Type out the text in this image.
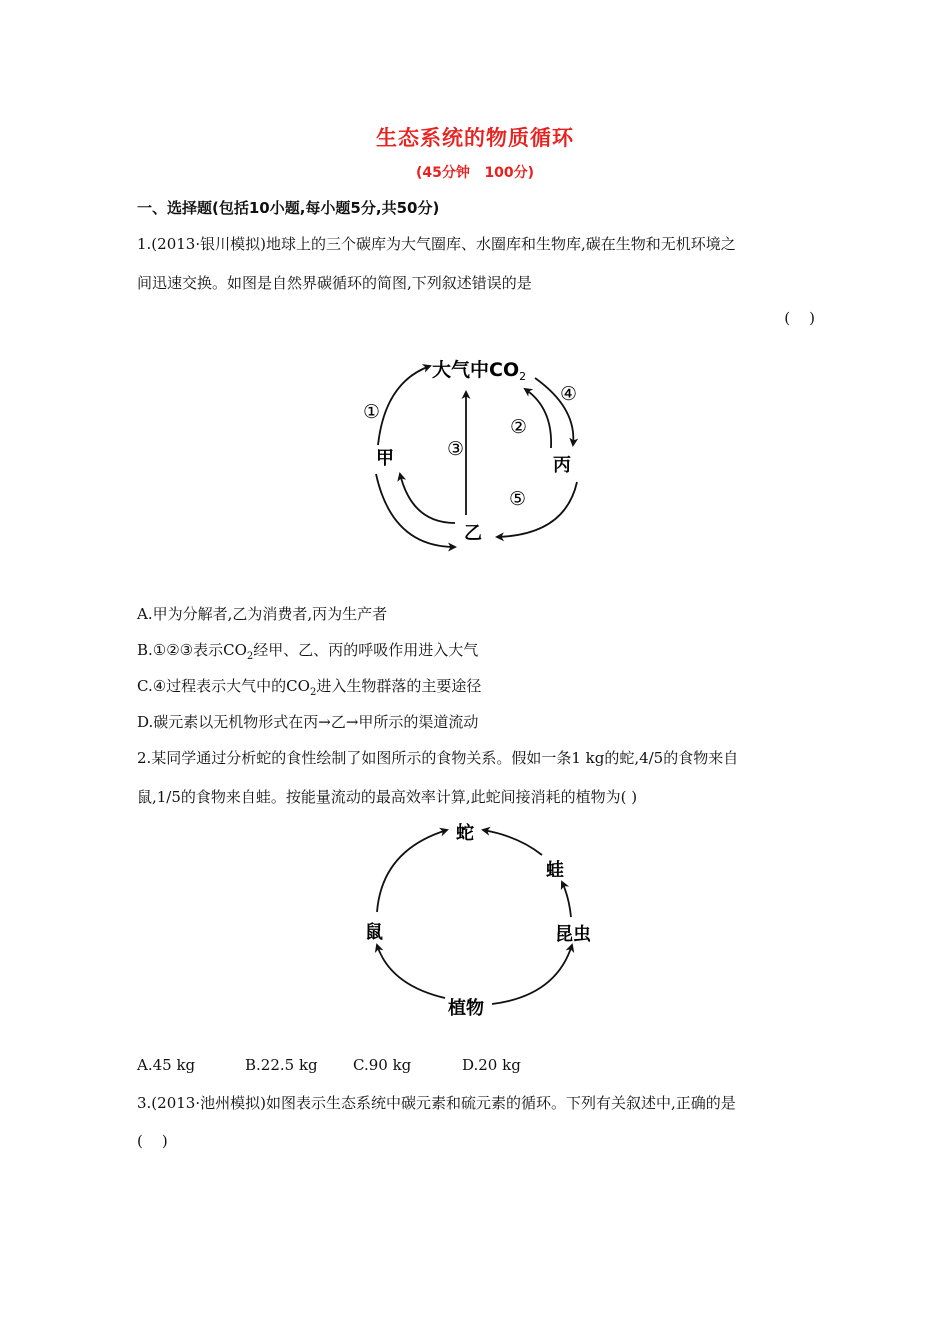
生态系统的物质循环
(45分钟   100分)
一、选择题(包括10小题,每小题5分,共50分)
1.(2013·银川模拟)地球上的三个碳库为大气圈库、水圈库和生物库,碳在生物和无机环境之
间迅速交换。如图是自然界碳循环的简图,下列叙述错误的是
(    )
大气中$CO_2$
甲	丙
乙
①
②
③
④
⑤
A.甲为分解者,乙为消费者,丙为生产者
B.①②③表示$CO_2$经甲、乙、丙的呼吸作用进入大气
C.④过程表示大气中的$CO_2$进入生物群落的主要途径
D.碳元素以无机物形式在丙→乙→甲所示的渠道流动
2.某同学通过分析蛇的食性绘制了如图所示的食物关系。假如一条1 kg的蛇,4/5的食物来自
鼠,1/5的食物来自蛙。按能量流动的最高效率计算,此蛇间接消耗的植物为( )
蛇
蛙
昆虫
鼠
植物
A.45 kg	B.22.5 kg C.90 kg	D.20 kg
3.(2013·池州模拟)如图表示生态系统中碳元素和硫元素的循环。下列有关叙述中,正确的是
(    )
